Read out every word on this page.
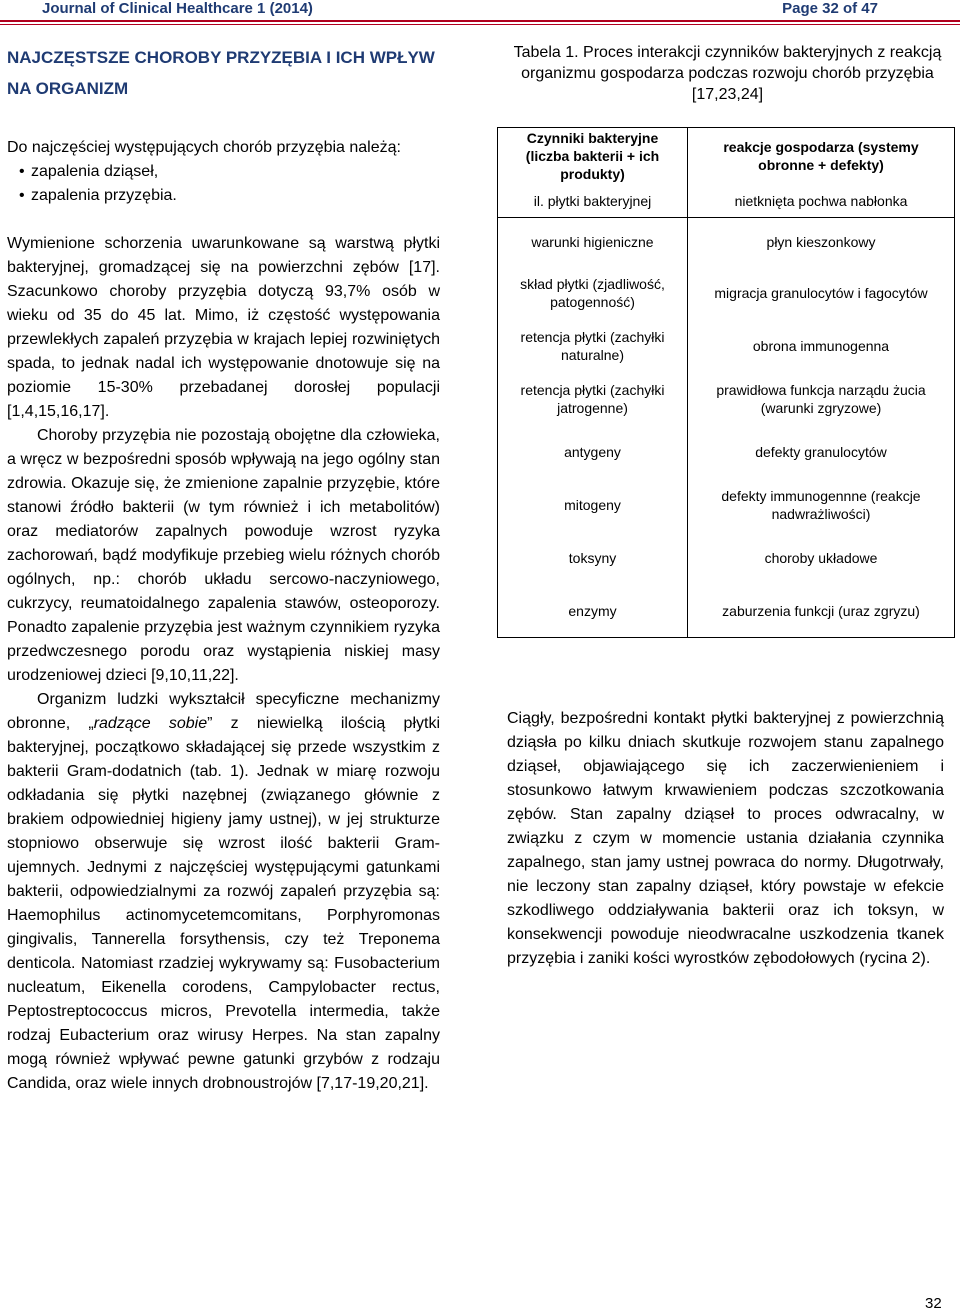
Journal of Clinical Healthcare 1 (2014)	Page 32 of 47
NAJCZĘSTSZE CHOROBY PRZYZĘBIA I ICH WPŁYW NA ORGANIZM

Do najczęściej występujących chorób przyzębia należą:

• zapalenia dziąseł,
• zapalenia przyzębia.

Wymienione schorzenia uwarunkowane są warstwą płytki bakteryjnej, gromadzącej się na powierzchni zębów [17]. Szacunkowo choroby przyzębia dotyczą 93,7% osób w wieku od 35 do 45 lat. Mimo, iż częstość występowania przewlekłych zapaleń przyzębia w krajach lepiej rozwiniętych spada, to jednak nadal ich występowanie dnotowuje się na poziomie 15-30% przebadanej dorosłej populacji [1,4,15,16,17].

Choroby przyzębia nie pozostają obojętne dla człowieka, a wręcz w bezpośredni sposób wpływają na jego ogólny stan zdrowia. Okazuje się, że zmienione zapalnie przyzębie, które stanowi źródło bakterii (w tym również i ich metabolitów) oraz mediatorów zapalnych powoduje wzrost ryzyka zachorowań, bądź modyfikuje przebieg wielu różnych chorób ogólnych, np.: chorób układu sercowo-naczyniowego, cukrzycy, reumatoidalnego zapalenia stawów, osteoporozy. Ponadto zapalenie przyzębia jest ważnym czynnikiem ryzyka przedwczesnego porodu oraz wystąpienia niskiej masy urodzeniowej dzieci [9,10,11,22].

Organizm ludzki wykształcił specyficzne mechanizmy obronne, „radzące sobie” z niewielką ilością płytki bakteryjnej, początkowo składającej się przede wszystkim z bakterii Gram-dodatnich (tab. 1). Jednak w miarę rozwoju odkładania się płytki nazębnej (związanego głównie z brakiem odpowiedniej higieny jamy ustnej), w jej strukturze stopniowo obserwuje się wzrost ilość bakterii Gram-ujemnych. Jednymi z najczęściej występującymi gatunkami bakterii, odpowiedzialnymi za rozwój zapaleń przyzębia są: Haemophilus actinomycetemcomitans, Porphyromonas gingivalis, Tannerella forsythensis, czy też Treponema denticola. Natomiast rzadziej wykrywamy są: Fusobacterium nucleatum, Eikenella corodens, Campylobacter rectus, Peptostreptococcus micros, Prevotella intermedia, także rodzaj Eubacterium oraz wirusy Herpes. Na stan zapalny mogą również wpływać pewne gatunki grzybów z rodzaju Candida, oraz wiele innych drobnoustrojów [7,17-19,20,21].

Tabela 1. Proces interakcji czynników bakteryjnych z reakcją organizmu gospodarza podczas rozwoju chorób przyzębia [17,23,24]

Czynniki bakteryjne (liczba bakterii + ich produkty)	reakcje gospodarza (systemy obronne + defekty)
il. płytki bakteryjnej	nietknięta pochwa nabłonka
warunki higieniczne	płyn kieszonkowy
skład płytki (zjadliwość, patogenność)	migracja granulocytów i fagocytów
retencja płytki (zachyłki naturalne)	obrona immunogenna
retencja płytki (zachyłki jatrogenne)	prawidłowa funkcja narządu żucia (warunki zgryzowe)
antygeny	defekty granulocytów
mitogeny	defekty immunogennne (reakcje nadwrażliwości)
toksyny	choroby układowe
enzymy	zaburzenia funkcji (uraz zgryzu)

Ciągły, bezpośredni kontakt płytki bakteryjnej z powierzchnią dziąsła po kilku dniach skutkuje rozwojem stanu zapalnego dziąseł, objawiającego się ich zaczerwienieniem i stosunkowo łatwym krwawieniem podczas szczotkowania zębów. Stan zapalny dziąseł to proces odwracalny, w związku z czym w momencie ustania działania czynnika zapalnego, stan jamy ustnej powraca do normy. Długotrwały, nie leczony stan zapalny dziąseł, który powstaje w efekcie szkodliwego oddziaływania bakterii oraz ich toksyn, w konsekwencji powoduje nieodwracalne uszkodzenia tkanek przyzębia i zaniki kości wyrostków zębodołowych (rycina 2).

32
